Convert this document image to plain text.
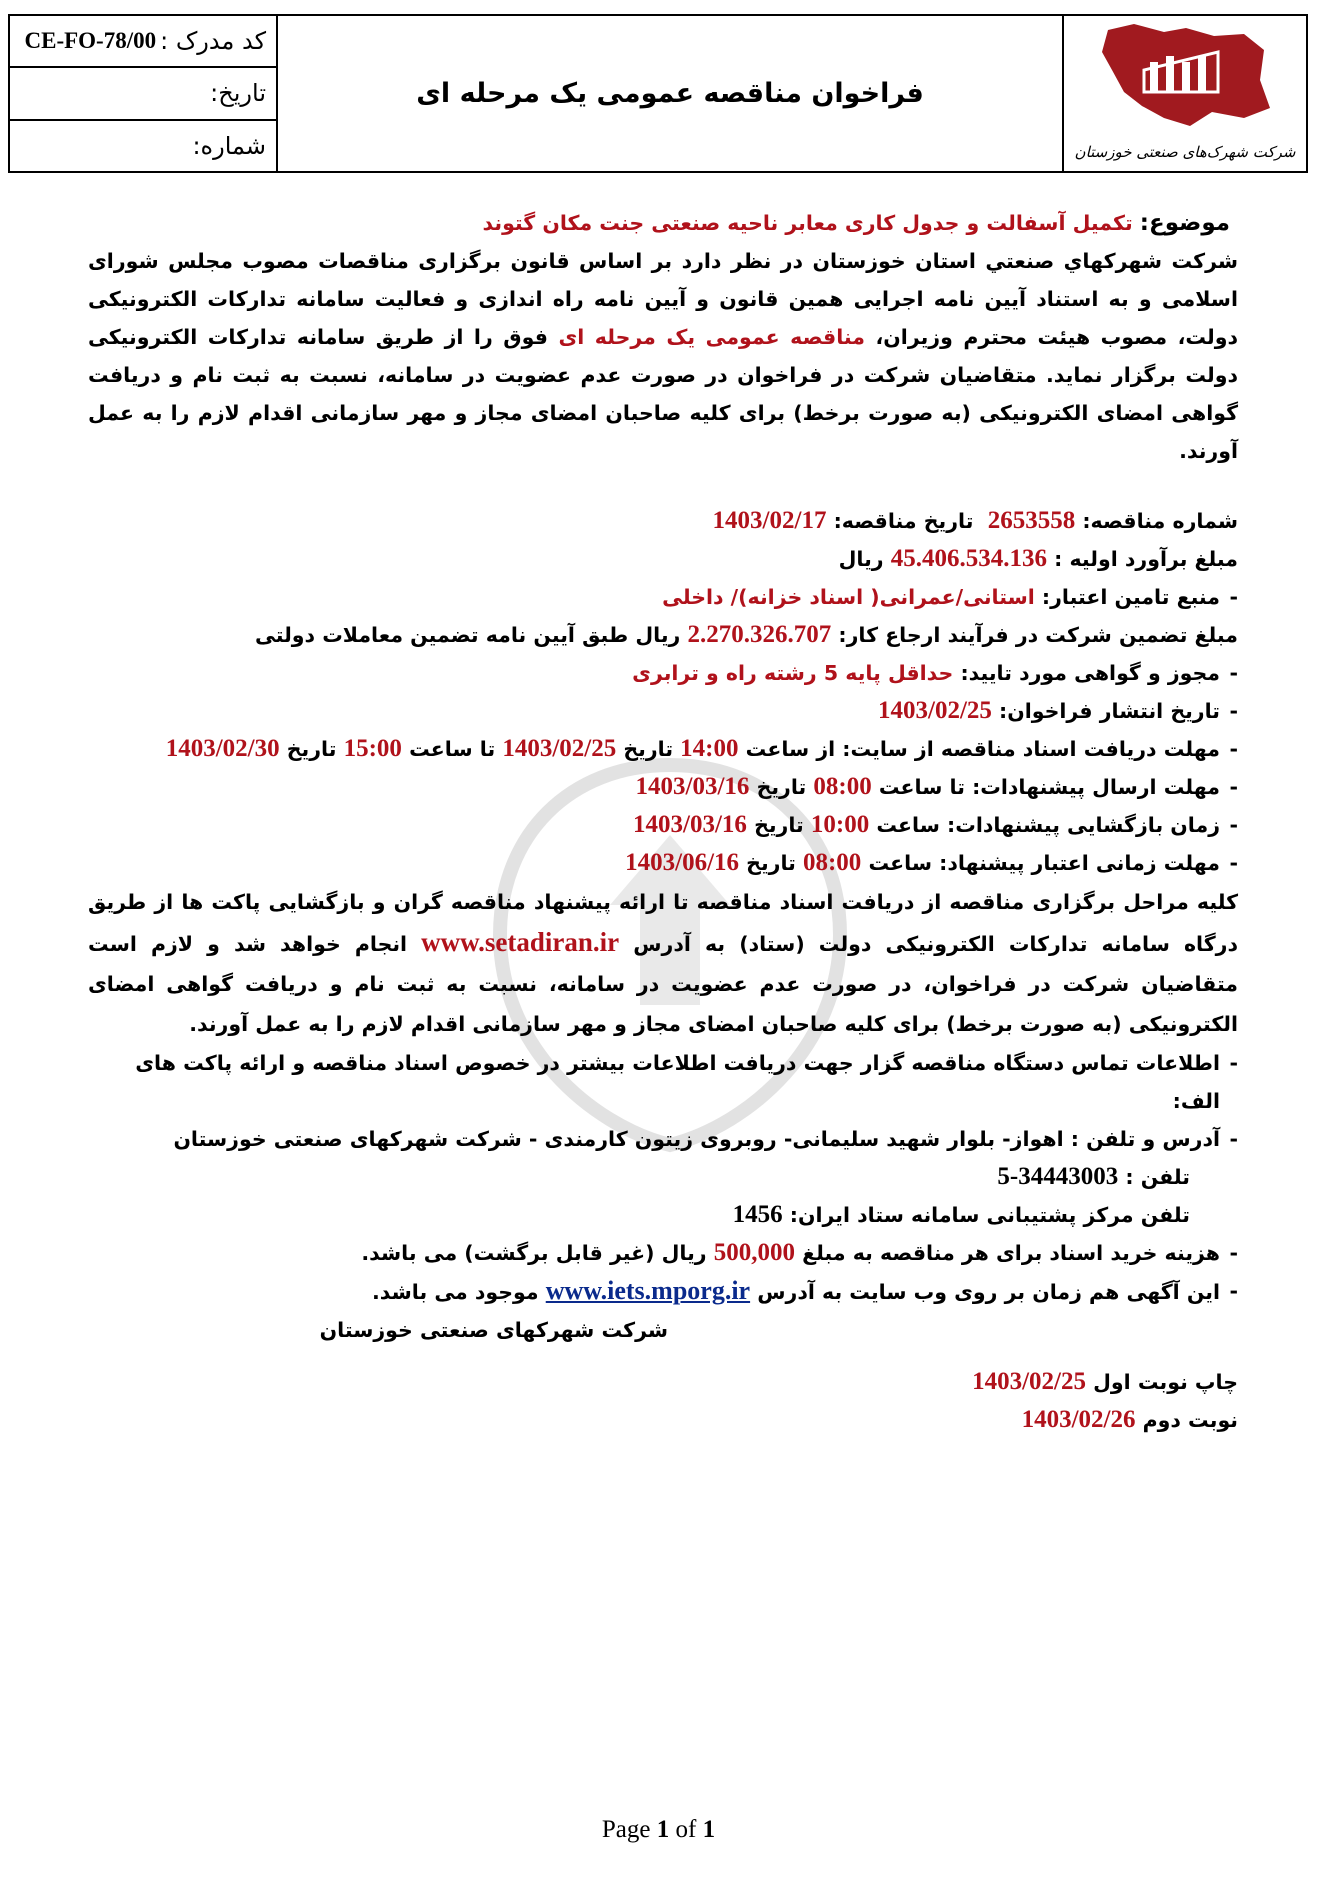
CE-FO-78/00 کد مدرک :
تاریخ:
شماره:
فراخوان مناقصه عمومی یک مرحله ای
شرکت شهرک‌های صنعتی خوزستان

موضوع: تکمیل آسفالت و جدول کاری معابر ناحیه صنعتی جنت مکان گتوند

شرکت شهرکهاي صنعتي استان خوزستان در نظر دارد بر اساس قانون برگزاری مناقصات مصوب مجلس شورای اسلامی و به استناد آیین نامه اجرایی همین قانون و آیین نامه راه اندازی و فعالیت سامانه تدارکات الکترونیکی دولت، مصوب هیئت محترم وزیران، مناقصه عمومی یک مرحله ای فوق را از طریق سامانه تدارکات الکترونیکی دولت برگزار نماید. متقاضیان شرکت در فراخوان در صورت عدم عضویت در سامانه، نسبت به ثبت نام و دریافت گواهی امضای الکترونیکی (به صورت برخط) برای کلیه صاحبان امضای مجاز و مهر سازمانی اقدام لازم را به عمل آورند.

شماره مناقصه: 2653558  تاریخ مناقصه: 1403/02/17

مبلغ برآورد اولیه : 45.406.534.136 ریال

- منبع تامین اعتبار: استانی/عمرانی( اسناد خزانه)/ داخلی

مبلغ تضمین شرکت در فرآیند ارجاع کار: 2.270.326.707 ریال طبق آیین نامه تضمین معاملات دولتی

- مجوز و گواهی مورد تایید: حداقل پایه 5 رشته راه و ترابری

- تاریخ انتشار فراخوان: 1403/02/25

- مهلت دریافت اسناد مناقصه از سایت: از ساعت 14:00 تاریخ 1403/02/25 تا ساعت 15:00 تاریخ 1403/02/30

- مهلت ارسال پیشنهادات: تا ساعت 08:00 تاریخ 1403/03/16

- زمان بازگشایی پیشنهادات: ساعت 10:00 تاریخ 1403/03/16

- مهلت زمانی اعتبار پیشنهاد: ساعت 08:00 تاریخ 1403/06/16

کلیه مراحل برگزاری مناقصه از دریافت اسناد مناقصه تا ارائه پیشنهاد مناقصه گران و بازگشایی پاکت ها از طریق درگاه سامانه تدارکات الکترونیکی دولت (ستاد) به آدرس www.setadiran.ir انجام خواهد شد و لازم است متقاضیان شرکت در فراخوان، در صورت عدم عضویت در سامانه، نسبت به ثبت نام و دریافت گواهی امضای الکترونیکی (به صورت برخط) برای کلیه صاحبان امضای مجاز و مهر سازمانی اقدام لازم را به عمل آورند.

- اطلاعات تماس دستگاه مناقصه گزار جهت دریافت اطلاعات بیشتر در خصوص اسناد مناقصه و ارائه پاکت های الف:

- آدرس و تلفن : اهواز- بلوار شهید سلیمانی- روبروی زیتون کارمندی - شرکت شهرکهای صنعتی خوزستان

تلفن : 34443003-5

تلفن مرکز پشتیبانی سامانه ستاد ایران: 1456

- هزینه خرید اسناد برای هر مناقصه به مبلغ 500,000 ریال (غیر قابل برگشت) می باشد.

- این آگهی هم زمان بر روی وب سایت به آدرس www.iets.mporg.ir موجود می باشد.

شرکت شهرکهای صنعتی خوزستان

چاپ نوبت اول 1403/02/25

نوبت دوم 1403/02/26

Page 1 of 1
